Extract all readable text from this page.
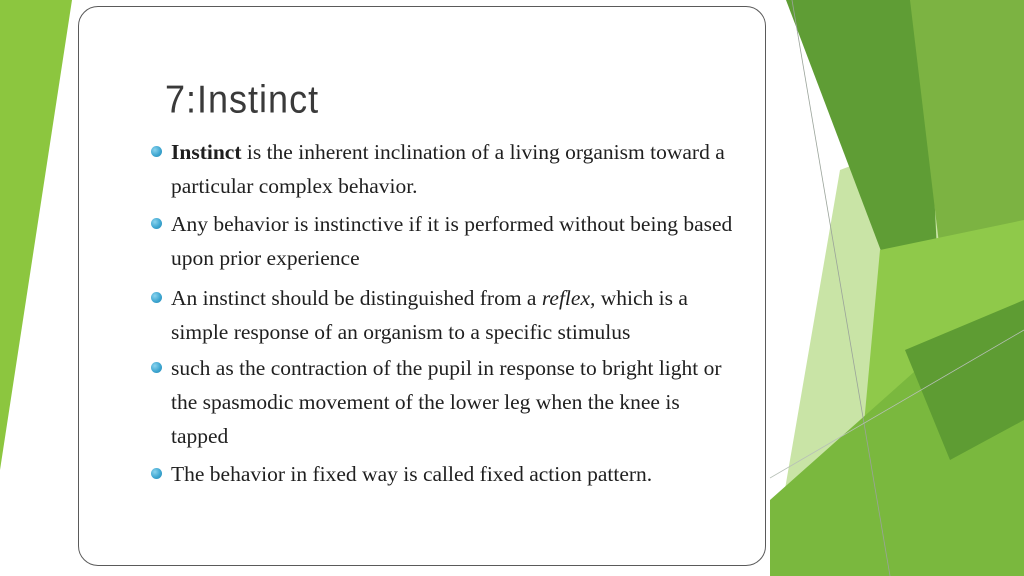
7:Instinct
Instinct is the inherent inclination of a living organism toward a particular complex behavior.
Any behavior is instinctive if it is performed without being based upon prior experience
An instinct should be distinguished from a reflex, which is a simple response of an organism to a specific stimulus
such as the contraction of the pupil in response to bright light or the spasmodic movement of the lower leg when the knee is tapped
The behavior in fixed way is called fixed action pattern.
